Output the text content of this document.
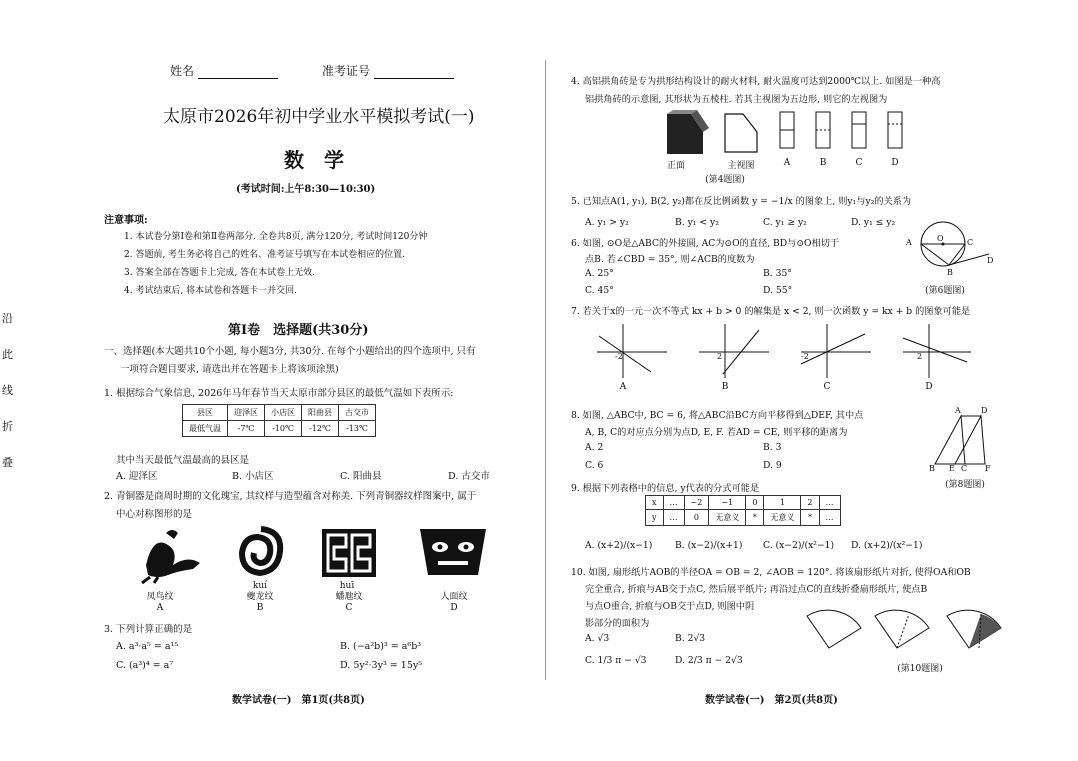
沿
此
线
折
叠
姓名	准考证号
太原市2026年初中学业水平模拟考试(一)
数　学
(考试时间:上午8:30—10:30)
注意事项:
1. 本试卷分第Ⅰ卷和第Ⅱ卷两部分. 全卷共8页, 满分120分, 考试时间120分钟
2. 答题前, 考生务必将自己的姓名、准考证号填写在本试卷相应的位置.
3. 答案全部在答题卡上完成, 答在本试卷上无效.
4. 考试结束后, 将本试卷和答题卡一并交回.
第Ⅰ卷　选择题(共30分)
一、选择题(本大题共10个小题, 每小题3分, 共30分. 在每个小题给出的四个选项中, 只有
一项符合题目要求, 请选出并在答题卡上将该项涂黑)
1. 根据综合气象信息, 2026年马年春节当天太原市部分县区的最低气温如下表所示:
县区	迎泽区	小店区	阳曲县	古交市
最低气温	-7℃	-10℃	-12℃	-13℃
其中当天最低气温最高的县区是
A. 迎泽区	B. 小店区	C. 阳曲县	D. 古交市
2. 青铜器是商周时期的文化瑰宝, 其纹样与造型蕴含对称美. 下列青铜器纹样图案中, 属于
中心对称图形的是
kuí	huī
凤鸟纹	夔龙纹	蟠虺纹	人面纹
A	B	C	D
3. 下列计算正确的是
A. a³·a⁵ = a¹⁵	B. (−a²b)³ = a⁶b³
C. (a³)⁴ = a⁷	D. 5y²·3y³ = 15y⁵
数学试卷(一)　第1页(共8页)
4. 高铝拱角砖是专为拱形结构设计的耐火材料, 耐火温度可达到2000℃以上. 如图是一种高
铝拱角砖的示意图, 其形状为五棱柱. 若其主视图为五边形, 则它的左视图为
正面	主视图	A	B	C	D
(第4题图)
5. 已知点A(1, y₁), B(2, y₂)都在反比例函数 y = −1/x 的图象上, 则y₁与y₂的关系为
A. y₁ > y₂	B. y₁ < y₂	C. y₁ ≥ y₂	D. y₁ ≤ y₂
6. 如图, ⊙O是△ABC的外接圆, AC为⊙O的直径, BD与⊙O相切于
点B. 若∠CBD = 35°, 则∠ACB的度数为
A. 25°	B. 35°
C. 45°	D. 55°
A	O	C
B
D
(第6题图)
7. 若关于x的一元一次不等式 kx + b > 0 的解集是 x < 2, 则一次函数 y = kx + b 的图象可能是
-2	2	-2	2
A	B	C	D
8. 如图, △ABC中, BC = 6, 将△ABC沿BC方向平移得到△DEF, 其中点
A, B, C的对应点分别为点D, E, F. 若AD = CE, 则平移的距离为
A. 2	B. 3
C. 6	D. 9
A	D
B E C F
(第8题图)
9. 根据下列表格中的信息, y代表的分式可能是
x	…	−2	−1	0	1	2	…
y	…	0	无意义	*	无意义	*	…
A. (x+2)/(x−1) B. (x−2)/(x+1) C. (x−2)/(x²−1) D. (x+2)/(x²−1)
10. 如图, 扇形纸片AOB的半径OA = OB = 2, ∠AOB = 120°. 将该扇形纸片对折, 使得OA和OB
完全重合, 折痕与AB交于点C, 然后展平纸片; 再沿过点C的直线折叠扇形纸片, 使点B
与点O重合, 折痕与OB交于点D, 则图中阴
影部分的面积为
A. √3	B. 2√3
C. 1/3 π − √3	D. 2/3 π − 2√3
(第10题图)
数学试卷(一)　第2页(共8页)
